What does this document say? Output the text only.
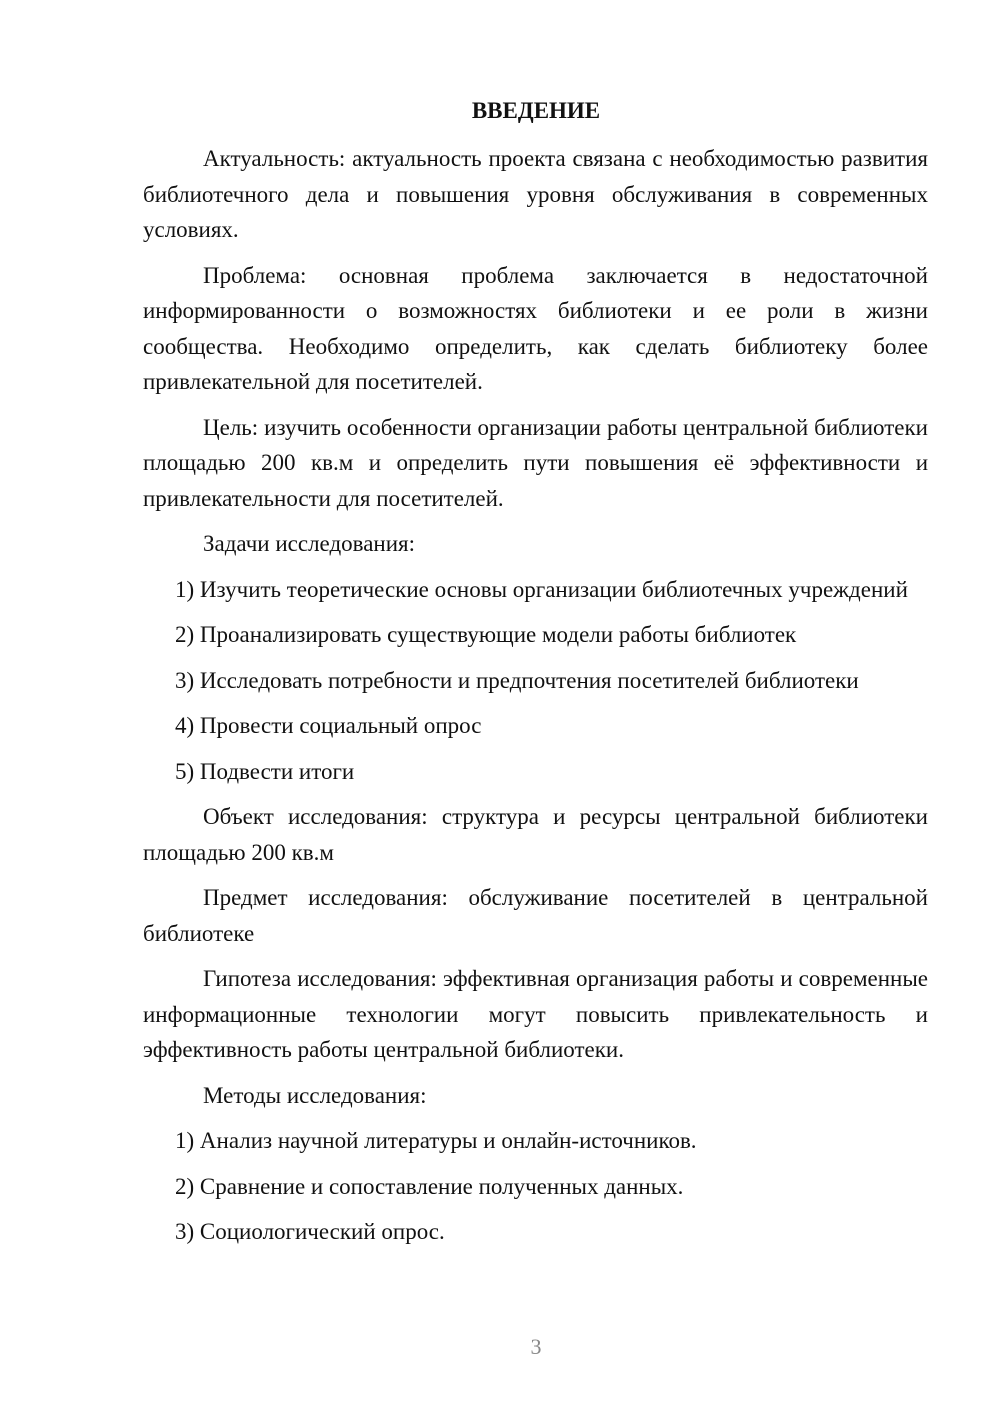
ВВЕДЕНИЕ

Актуальность: актуальность проекта связана с необходимостью развития библиотечного дела и повышения уровня обслуживания в современных условиях.

Проблема: основная проблема заключается в недостаточной информированности о возможностях библиотеки и ее роли в жизни сообщества. Необходимо определить, как сделать библиотеку более привлекательной для посетителей.

Цель: изучить особенности организации работы центральной библиотеки площадью 200 кв.м и определить пути повышения её эффективности и привлекательности для посетителей.

Задачи исследования:

1) Изучить теоретические основы организации библиотечных учреждений

2) Проанализировать существующие модели работы библиотек

3) Исследовать потребности и предпочтения посетителей библиотеки

4) Провести социальный опрос

5) Подвести итоги

Объект исследования: структура и ресурсы центральной библиотеки площадью 200 кв.м

Предмет исследования: обслуживание посетителей в центральной библиотеке

Гипотеза исследования: эффективная организация работы и современные информационные технологии могут повысить привлекательность и эффективность работы центральной библиотеки.

Методы исследования:

1) Анализ научной литературы и онлайн-источников.

2) Сравнение и сопоставление полученных данных.

3) Социологический опрос.

3
